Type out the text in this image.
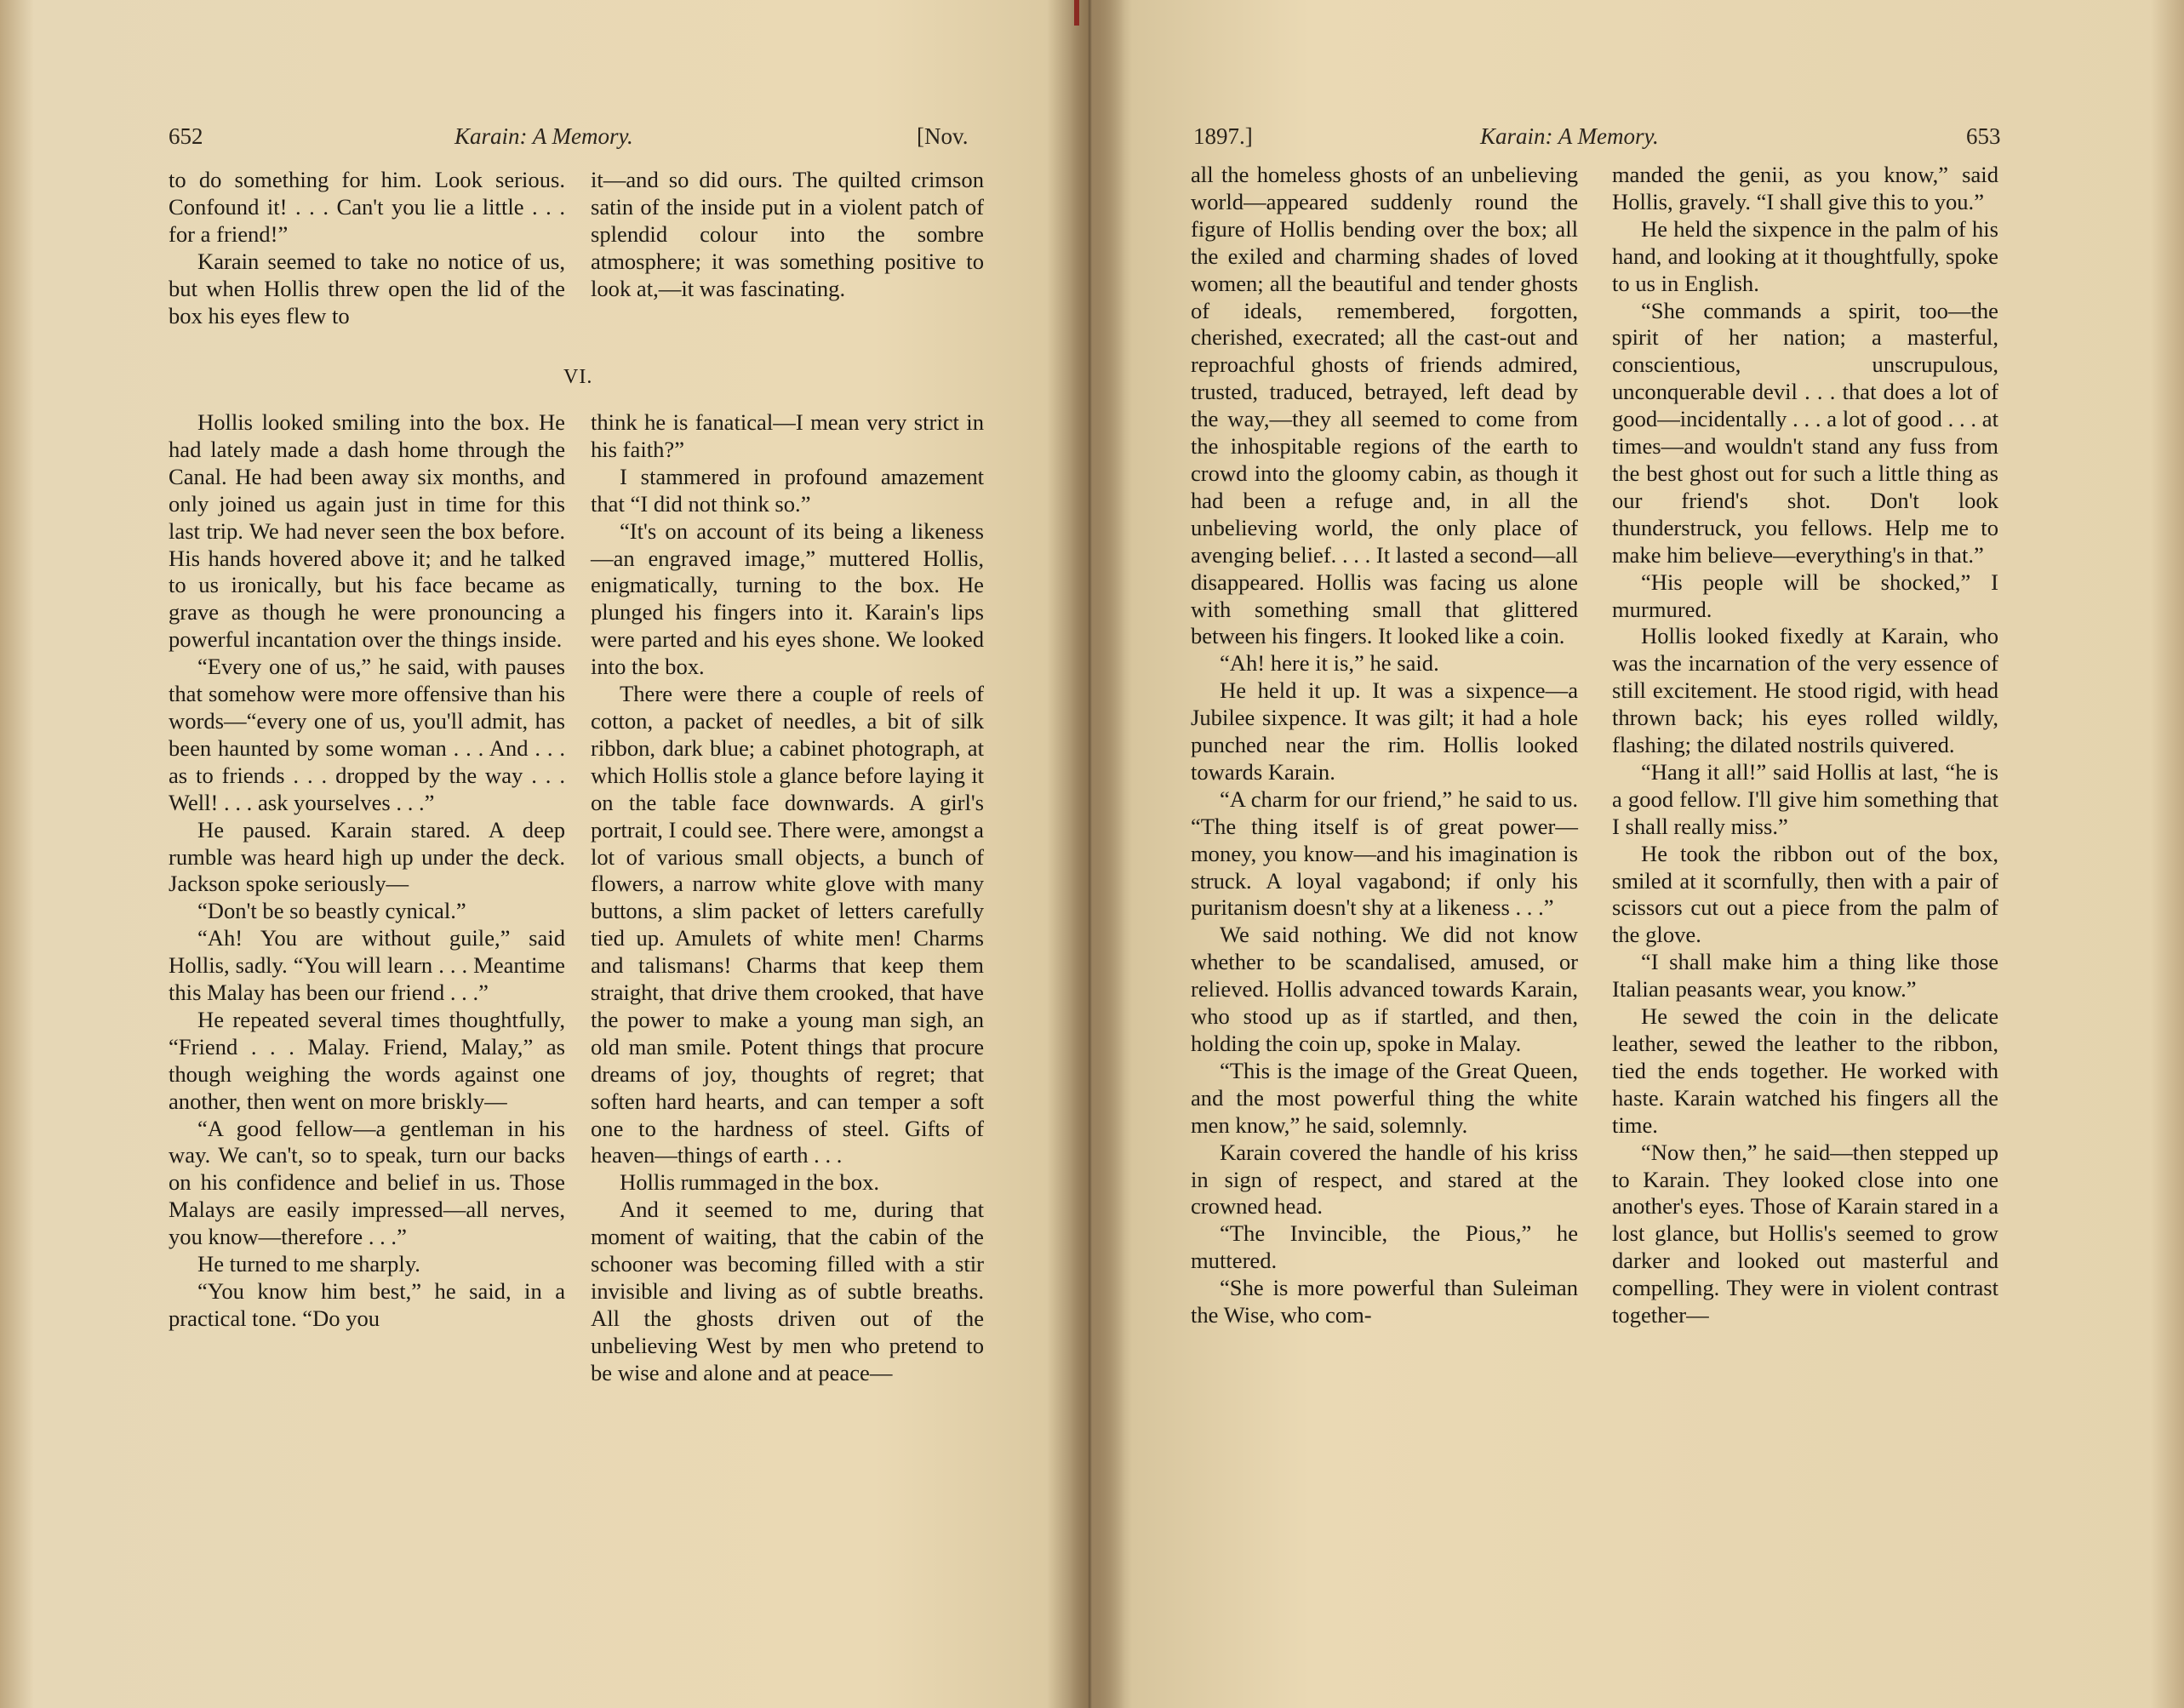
652	Karain: A Memory.	[Nov.

to do something for him. Look serious. Confound it! . . . Can't you lie a little . . . for a friend!”

Karain seemed to take no notice of us, but when Hollis threw open the lid of the box his eyes flew to

it—and so did ours. The quilted crimson satin of the inside put in a violent patch of splendid colour into the sombre atmosphere; it was something positive to look at,—it was fascinating.

VI.

Hollis looked smiling into the box. He had lately made a dash home through the Canal. He had been away six months, and only joined us again just in time for this last trip. We had never seen the box before. His hands hovered above it; and he talked to us ironically, but his face became as grave as though he were pronouncing a powerful incantation over the things inside.

“Every one of us,” he said, with pauses that somehow were more offensive than his words—“every one of us, you'll admit, has been haunted by some woman . . . And . . . as to friends . . . dropped by the way . . . Well! . . . ask yourselves . . .”

He paused. Karain stared. A deep rumble was heard high up under the deck. Jackson spoke seriously—

“Don't be so beastly cynical.”

“Ah! You are without guile,” said Hollis, sadly. “You will learn . . . Meantime this Malay has been our friend . . .”

He repeated several times thoughtfully, “Friend . . . Malay. Friend, Malay,” as though weighing the words against one another, then went on more briskly—

“A good fellow—a gentleman in his way. We can't, so to speak, turn our backs on his confidence and belief in us. Those Malays are easily impressed—all nerves, you know—therefore . . .”

He turned to me sharply.

“You know him best,” he said, in a practical tone. “Do you

think he is fanatical—I mean very strict in his faith?”

I stammered in profound amazement that “I did not think so.”

“It's on account of its being a likeness—an engraved image,” muttered Hollis, enigmatically, turning to the box. He plunged his fingers into it. Karain's lips were parted and his eyes shone. We looked into the box.

There were there a couple of reels of cotton, a packet of needles, a bit of silk ribbon, dark blue; a cabinet photograph, at which Hollis stole a glance before laying it on the table face downwards. A girl's portrait, I could see. There were, amongst a lot of various small objects, a bunch of flowers, a narrow white glove with many buttons, a slim packet of letters carefully tied up. Amulets of white men! Charms and talismans! Charms that keep them straight, that drive them crooked, that have the power to make a young man sigh, an old man smile. Potent things that procure dreams of joy, thoughts of regret; that soften hard hearts, and can temper a soft one to the hardness of steel. Gifts of heaven—things of earth . . .

Hollis rummaged in the box.

And it seemed to me, during that moment of waiting, that the cabin of the schooner was becoming filled with a stir invisible and living as of subtle breaths. All the ghosts driven out of the unbelieving West by men who pretend to be wise and alone and at peace—

1897.]	Karain: A Memory.	653

all the homeless ghosts of an unbelieving world—appeared suddenly round the figure of Hollis bending over the box; all the exiled and charming shades of loved women; all the beautiful and tender ghosts of ideals, remembered, forgotten, cherished, execrated; all the cast-out and reproachful ghosts of friends admired, trusted, traduced, betrayed, left dead by the way,—they all seemed to come from the inhospitable regions of the earth to crowd into the gloomy cabin, as though it had been a refuge and, in all the unbelieving world, the only place of avenging belief. . . . It lasted a second—all disappeared. Hollis was facing us alone with something small that glittered between his fingers. It looked like a coin.

“Ah! here it is,” he said.

He held it up. It was a sixpence—a Jubilee sixpence. It was gilt; it had a hole punched near the rim. Hollis looked towards Karain.

“A charm for our friend,” he said to us. “The thing itself is of great power—money, you know—and his imagination is struck. A loyal vagabond; if only his puritanism doesn't shy at a likeness . . .”

We said nothing. We did not know whether to be scandalised, amused, or relieved. Hollis advanced towards Karain, who stood up as if startled, and then, holding the coin up, spoke in Malay.

“This is the image of the Great Queen, and the most powerful thing the white men know,” he said, solemnly.

Karain covered the handle of his kriss in sign of respect, and stared at the crowned head.

“The Invincible, the Pious,” he muttered.

“She is more powerful than Suleiman the Wise, who com-

manded the genii, as you know,” said Hollis, gravely. “I shall give this to you.”

He held the sixpence in the palm of his hand, and looking at it thoughtfully, spoke to us in English.

“She commands a spirit, too—the spirit of her nation; a masterful, conscientious, unscrupulous, unconquerable devil . . . that does a lot of good—incidentally . . . a lot of good . . . at times—and wouldn't stand any fuss from the best ghost out for such a little thing as our friend's shot. Don't look thunderstruck, you fellows. Help me to make him believe—everything's in that.”

“His people will be shocked,” I murmured.

Hollis looked fixedly at Karain, who was the incarnation of the very essence of still excitement. He stood rigid, with head thrown back; his eyes rolled wildly, flashing; the dilated nostrils quivered.

“Hang it all!” said Hollis at last, “he is a good fellow. I'll give him something that I shall really miss.”

He took the ribbon out of the box, smiled at it scornfully, then with a pair of scissors cut out a piece from the palm of the glove.

“I shall make him a thing like those Italian peasants wear, you know.”

He sewed the coin in the delicate leather, sewed the leather to the ribbon, tied the ends together. He worked with haste. Karain watched his fingers all the time.

“Now then,” he said—then stepped up to Karain. They looked close into one another's eyes. Those of Karain stared in a lost glance, but Hollis's seemed to grow darker and looked out masterful and compelling. They were in violent contrast together—
